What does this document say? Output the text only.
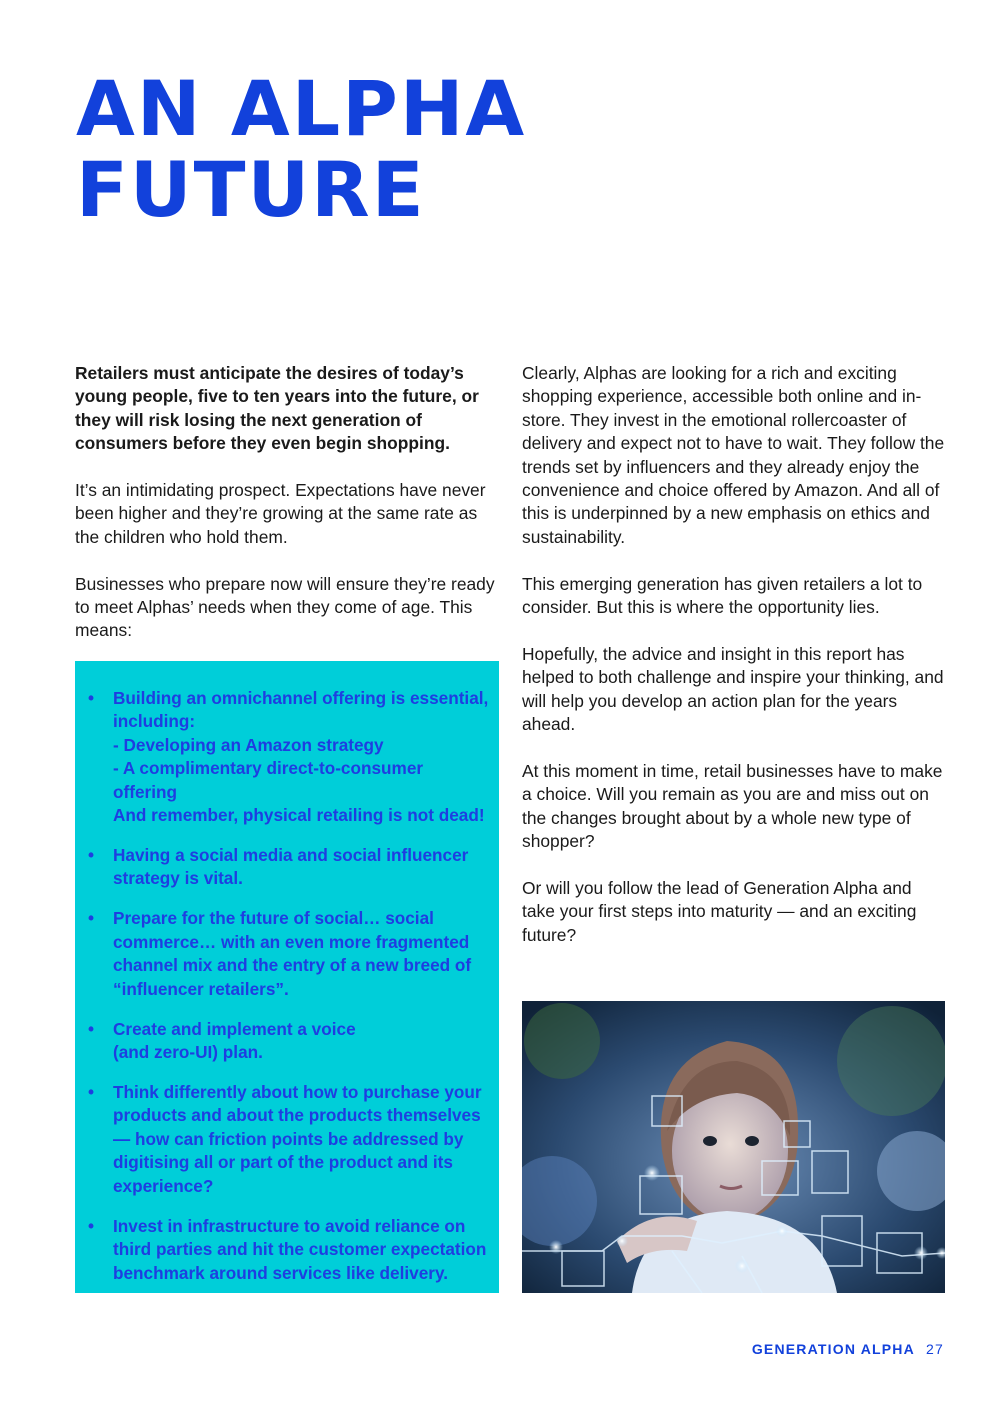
AN ALPHA
FUTURE

Retailers must anticipate the desires of today’s young people, five to ten years into the future, or they will risk losing the next generation of consumers before they even begin shopping.

It’s an intimidating prospect. Expectations have never been higher and they’re growing at the same rate as the children who hold them.

Businesses who prepare now will ensure they’re ready to meet Alphas’ needs when they come of age. This means:

• Building an omnichannel offering is essential, including:
- Developing an Amazon strategy
- A complimentary direct-to-consumer offering
And remember, physical retailing is not dead!
• Having a social media and social influencer strategy is vital.
• Prepare for the future of social… social commerce… with an even more fragmented channel mix and the entry of a new breed of “influencer retailers”.
• Create and implement a voice
(and zero-UI) plan.
• Think differently about how to purchase your products and about the products themselves — how can friction points be addressed by digitising all or part of the product and its experience?
• Invest in infrastructure to avoid reliance on third parties and hit the customer expectation benchmark around services like delivery.

Clearly, Alphas are looking for a rich and exciting shopping experience, accessible both online and in-store. They invest in the emotional rollercoaster of delivery and expect not to have to wait. They follow the trends set by influencers and they already enjoy the convenience and choice offered by Amazon. And all of this is underpinned by a new emphasis on ethics and sustainability.

This emerging generation has given retailers a lot to consider. But this is where the opportunity lies.

Hopefully, the advice and insight in this report has helped to both challenge and inspire your thinking, and will help you develop an action plan for the years ahead.

At this moment in time, retail businesses have to make a choice. Will you remain as you are and miss out on the changes brought about by a whole new type of shopper?

Or will you follow the lead of Generation Alpha and take your first steps into maturity — and an exciting future?

GENERATION ALPHA 27
